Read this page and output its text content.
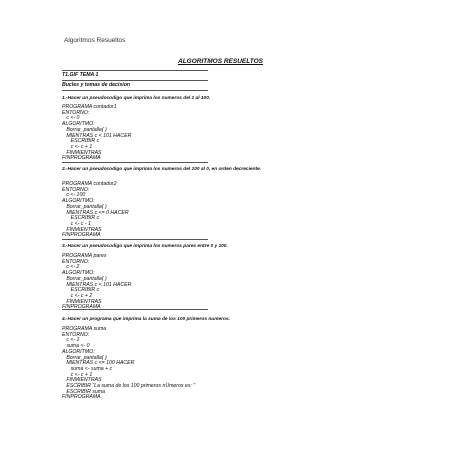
Algoritmos Resueltos
ALGORITMOS RESUELTOS
T1.GIF TEMA 1
Bucles y tomas de decision
1.-Hacer un pseudocodigo que imprima los numeros del 1 al 100.
PROGRAMA contador1
ENTORNO:
c <- 0
ALGORITMO:
Borrar_pantalla( )
MIENTRAS c < 101 HACER
ESCRIBIR c
c <- c + 1
FINMIENTRAS
FINPROGRAMA
2.-Hacer un pseudocodigo que imprima los numeros del 100 al 0, en orden decreciente.
PROGRAMA contador2
ENTORNO:
c <- 100
ALGORITMO:
Borrar_pantalla( )
MIENTRAS c <= 0 HACER
ESCRIBIR c
c <- c - 1
FINMIENTRAS
FINPROGRAMA
3.-Hacer un pseudocodigo que imprima los numeros pares entre 0 y 100.
PROGRAMA pares
ENTORNO:
c <- 2
ALGORITMO:
Borrar_pantalla( )
MIENTRAS c < 101 HACER
ESCRIBIR c
c <- c + 2
FINMIENTRAS
FINPROGRAMA
4.-Hacer un programa que imprima la suma de los 100 primeros numeros.
PROGRAMA suma
ENTORNO:
c <- 1
suma <- 0
ALGORITMO:
Borrar_pantalla( )
MIENTRAS c <= 100 HACER
suma <- suma + c
c <- c + 1
FINMIENTRAS
ESCRIBIR "La suma de los 100 primeros nÚmeros es: "
ESCRIBIR suma
FINPROGRAMA
